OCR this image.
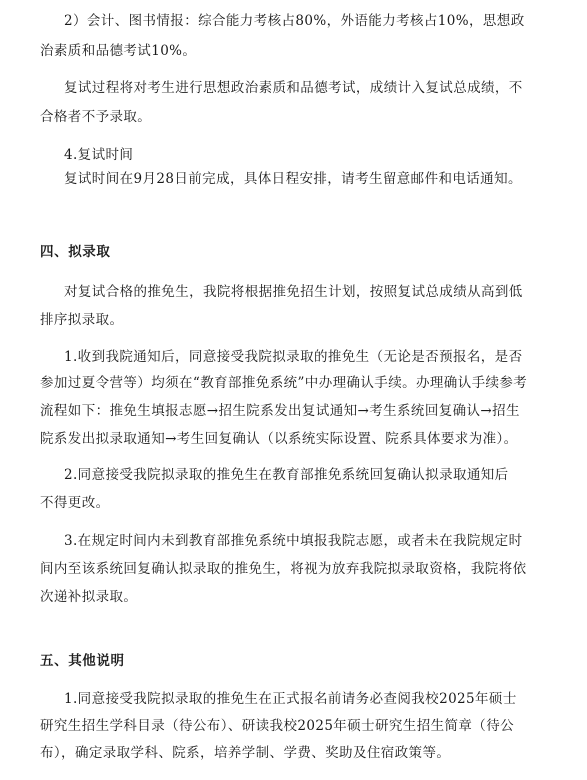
2）会计、图书情报：综合能力考核占80%，外语能力考核占10%，思想政
治素质和品德考试10%。
复试过程将对考生进行思想政治素质和品德考试，成绩计入复试总成绩，不
合格者不予录取。
4.复试时间
复试时间在9月28日前完成，具体日程安排，请考生留意邮件和电话通知。
四、拟录取
对复试合格的推免生，我院将根据推免招生计划，按照复试总成绩从高到低
排序拟录取。
1.收到我院通知后，同意接受我院拟录取的推免生（无论是否预报名，是否
参加过夏令营等）均须在“教育部推免系统”中办理确认手续。办理确认手续参考
流程如下：推免生填报志愿→招生院系发出复试通知→考生系统回复确认→招生
院系发出拟录取通知→考生回复确认（以系统实际设置、院系具体要求为准）。
2.同意接受我院拟录取的推免生在教育部推免系统回复确认拟录取通知后
不得更改。
3.在规定时间内未到教育部推免系统中填报我院志愿，或者未在我院规定时
间内至该系统回复确认拟录取的推免生，将视为放弃我院拟录取资格，我院将依
次递补拟录取。
五、其他说明
1.同意接受我院拟录取的推免生在正式报名前请务必查阅我校2025年硕士
研究生招生学科目录（待公布）、研读我校2025年硕士研究生招生简章（待公
布），确定录取学科、院系，培养学制、学费、奖助及住宿政策等。
